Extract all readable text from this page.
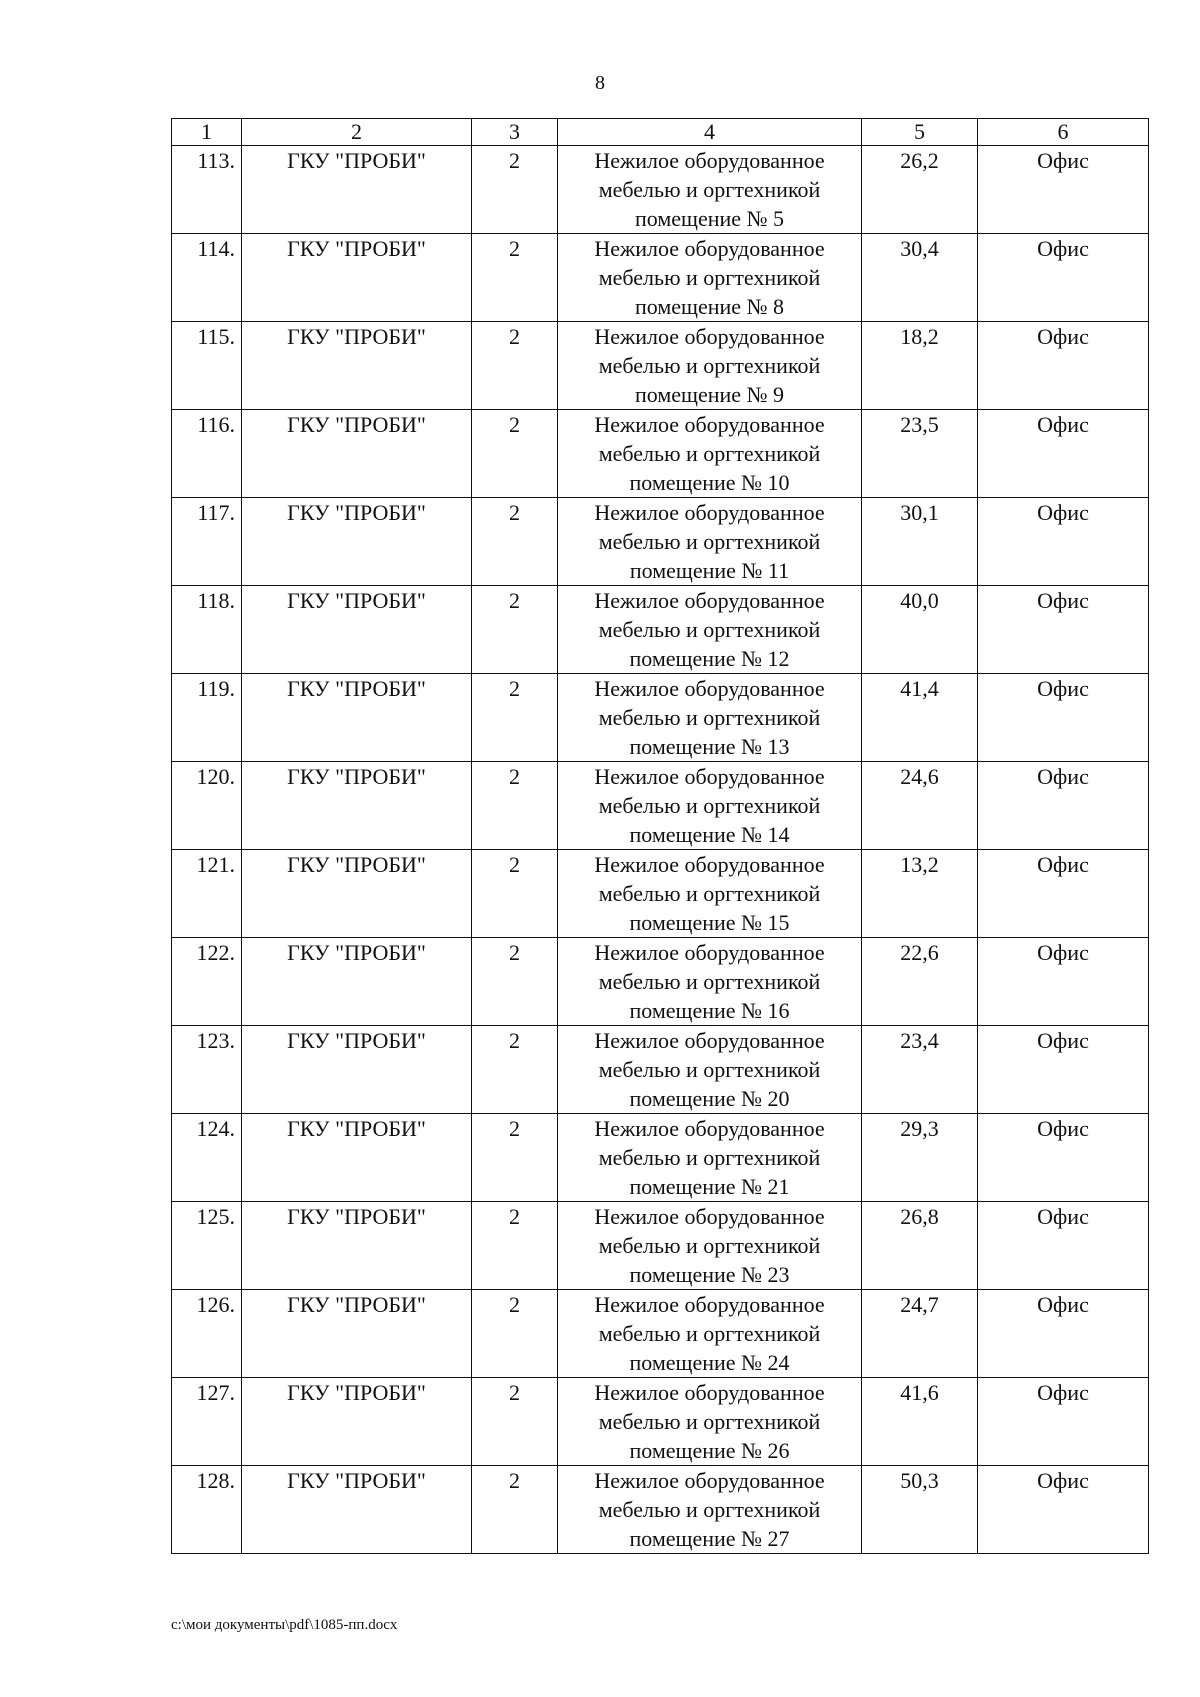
8
1	2	3	4	5	6
113.	ГКУ "ПРОБИ"	2	Нежилое оборудованное
мебелью и оргтехникой
помещение № 5	26,2	Офис
114.	ГКУ "ПРОБИ"	2	Нежилое оборудованное
мебелью и оргтехникой
помещение № 8	30,4	Офис
115.	ГКУ "ПРОБИ"	2	Нежилое оборудованное
мебелью и оргтехникой
помещение № 9	18,2	Офис
116.	ГКУ "ПРОБИ"	2	Нежилое оборудованное
мебелью и оргтехникой
помещение № 10	23,5	Офис
117.	ГКУ "ПРОБИ"	2	Нежилое оборудованное
мебелью и оргтехникой
помещение № 11	30,1	Офис
118.	ГКУ "ПРОБИ"	2	Нежилое оборудованное
мебелью и оргтехникой
помещение № 12	40,0	Офис
119.	ГКУ "ПРОБИ"	2	Нежилое оборудованное
мебелью и оргтехникой
помещение № 13	41,4	Офис
120.	ГКУ "ПРОБИ"	2	Нежилое оборудованное
мебелью и оргтехникой
помещение № 14	24,6	Офис
121.	ГКУ "ПРОБИ"	2	Нежилое оборудованное
мебелью и оргтехникой
помещение № 15	13,2	Офис
122.	ГКУ "ПРОБИ"	2	Нежилое оборудованное
мебелью и оргтехникой
помещение № 16	22,6	Офис
123.	ГКУ "ПРОБИ"	2	Нежилое оборудованное
мебелью и оргтехникой
помещение № 20	23,4	Офис
124.	ГКУ "ПРОБИ"	2	Нежилое оборудованное
мебелью и оргтехникой
помещение № 21	29,3	Офис
125.	ГКУ "ПРОБИ"	2	Нежилое оборудованное
мебелью и оргтехникой
помещение № 23	26,8	Офис
126.	ГКУ "ПРОБИ"	2	Нежилое оборудованное
мебелью и оргтехникой
помещение № 24	24,7	Офис
127.	ГКУ "ПРОБИ"	2	Нежилое оборудованное
мебелью и оргтехникой
помещение № 26	41,6	Офис
128.	ГКУ "ПРОБИ"	2	Нежилое оборудованное
мебелью и оргтехникой
помещение № 27	50,3	Офис
c:\мои документы\pdf\1085-пп.docx
